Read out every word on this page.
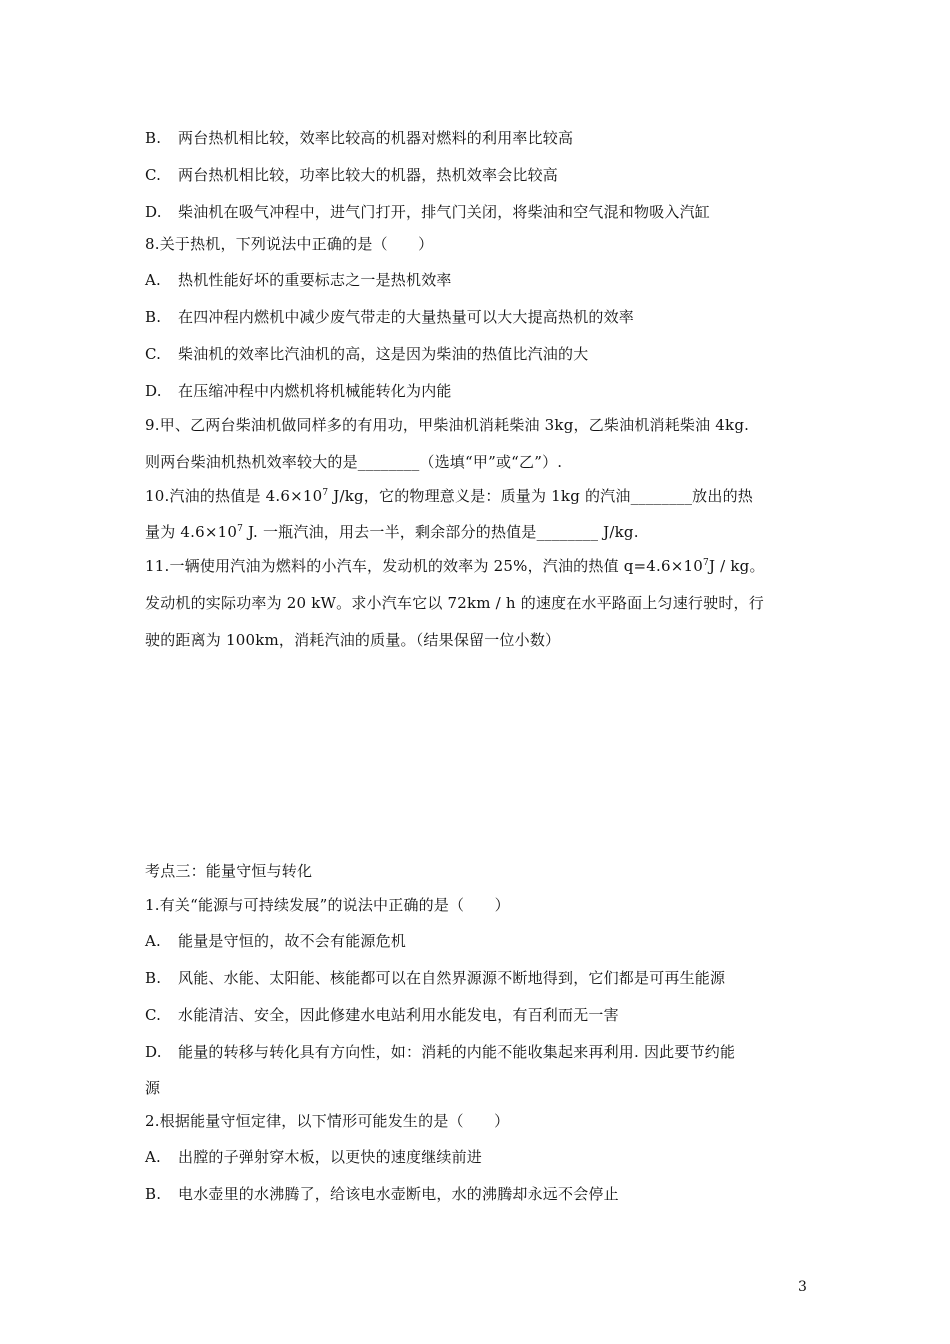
B. 两台热机相比较，效率比较高的机器对燃料的利用率比较高
C. 两台热机相比较，功率比较大的机器，热机效率会比较高
D. 柴油机在吸气冲程中，进气门打开，排气门关闭，将柴油和空气混和物吸入汽缸
8.关于热机，下列说法中正确的是（　　）
A. 热机性能好坏的重要标志之一是热机效率
B. 在四冲程内燃机中减少废气带走的大量热量可以大大提高热机的效率
C. 柴油机的效率比汽油机的高，这是因为柴油的热值比汽油的大
D. 在压缩冲程中内燃机将机械能转化为内能
9.甲、乙两台柴油机做同样多的有用功，甲柴油机消耗柴油 3kg，乙柴油机消耗柴油 4kg.
则两台柴油机热机效率较大的是________（选填“甲”或“乙”）.
10.汽油的热值是 $4.6\times 10^7$ J/kg，它的物理意义是：质量为 1kg 的汽油________放出的热
量为 $4.6\times 10^7$ J. 一瓶汽油，用去一半，剩余部分的热值是________ J/kg.
11.一辆使用汽油为燃料的小汽车，发动机的效率为 25%，汽油的热值 $q=4.6\times 10^7J$ / kg。
发动机的实际功率为 20 kW。求小汽车它以 72km / h 的速度在水平路面上匀速行驶时，行
驶的距离为 100km，消耗汽油的质量。（结果保留一位小数）
考点三：能量守恒与转化
1.有关“能源与可持续发展”的说法中正确的是（　　）
A. 能量是守恒的，故不会有能源危机
B. 风能、水能、太阳能、核能都可以在自然界源源不断地得到，它们都是可再生能源
C. 水能清洁、安全，因此修建水电站利用水能发电，有百利而无一害
D. 能量的转移与转化具有方向性，如：消耗的内能不能收集起来再利用. 因此要节约能
源
2.根据能量守恒定律，以下情形可能发生的是（　　）
A. 出膛的子弹射穿木板，以更快的速度继续前进
B. 电水壶里的水沸腾了，给该电水壶断电，水的沸腾却永远不会停止
3
